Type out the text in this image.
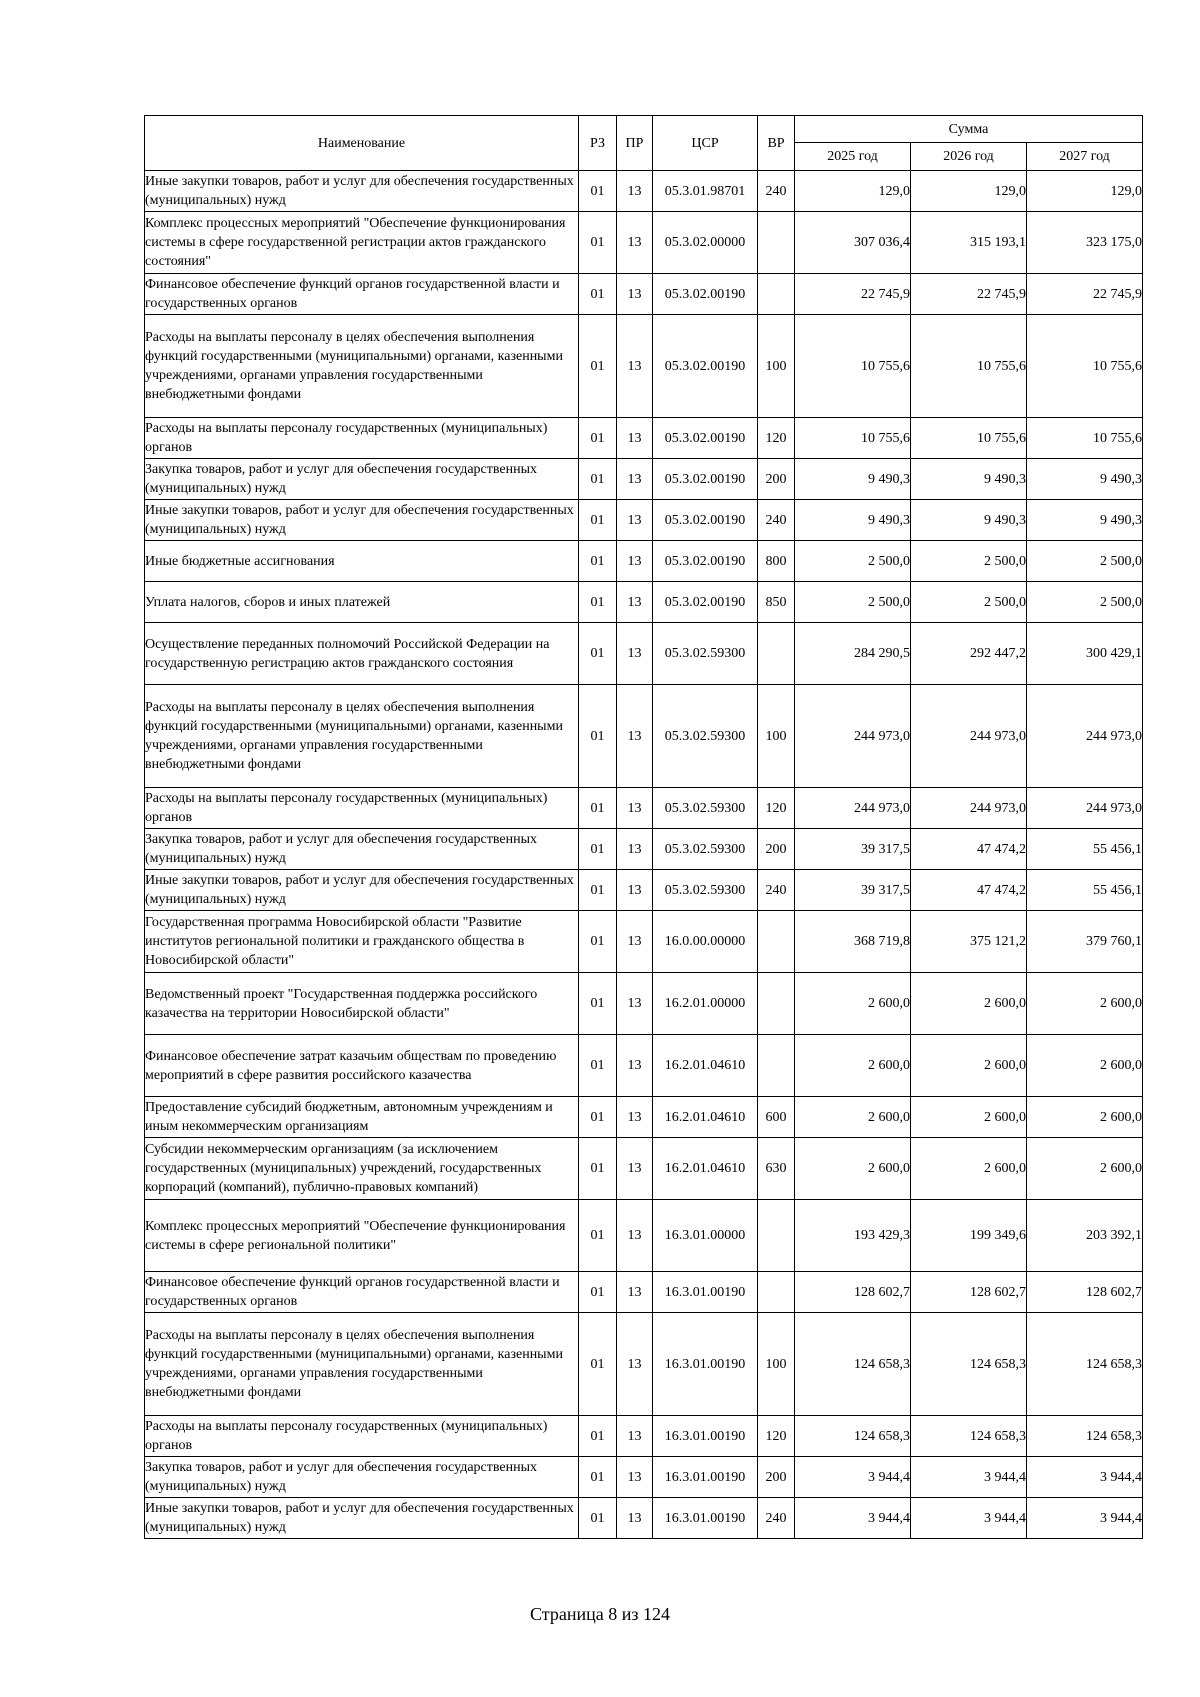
Наименование	РЗ	ПР	ЦСР	ВР	Сумма		
					2025 год	2026 год	2027 год
Иные закупки товаров, работ и услуг для обеспечения государственных (муниципальных) нужд	01	13	05.3.01.98701	240	129,0	129,0	129,0
Комплекс процессных мероприятий "Обеспечение функционирования системы в сфере государственной регистрации актов гражданского состояния"	01	13	05.3.02.00000		307 036,4	315 193,1	323 175,0
Финансовое обеспечение функций органов государственной власти и государственных органов	01	13	05.3.02.00190		22 745,9	22 745,9	22 745,9
Расходы на выплаты персоналу в целях обеспечения выполнения функций государственными (муниципальными) органами, казенными учреждениями, органами управления государственными внебюджетными фондами	01	13	05.3.02.00190	100	10 755,6	10 755,6	10 755,6
Расходы на выплаты персоналу государственных (муниципальных) органов	01	13	05.3.02.00190	120	10 755,6	10 755,6	10 755,6
Закупка товаров, работ и услуг для обеспечения государственных (муниципальных) нужд	01	13	05.3.02.00190	200	9 490,3	9 490,3	9 490,3
Иные закупки товаров, работ и услуг для обеспечения государственных (муниципальных) нужд	01	13	05.3.02.00190	240	9 490,3	9 490,3	9 490,3
Иные бюджетные ассигнования	01	13	05.3.02.00190	800	2 500,0	2 500,0	2 500,0
Уплата налогов, сборов и иных платежей	01	13	05.3.02.00190	850	2 500,0	2 500,0	2 500,0
Осуществление переданных полномочий Российской Федерации на государственную регистрацию актов гражданского состояния	01	13	05.3.02.59300		284 290,5	292 447,2	300 429,1
Расходы на выплаты персоналу в целях обеспечения выполнения функций государственными (муниципальными) органами, казенными учреждениями, органами управления государственными внебюджетными фондами	01	13	05.3.02.59300	100	244 973,0	244 973,0	244 973,0
Расходы на выплаты персоналу государственных (муниципальных) органов	01	13	05.3.02.59300	120	244 973,0	244 973,0	244 973,0
Закупка товаров, работ и услуг для обеспечения государственных (муниципальных) нужд	01	13	05.3.02.59300	200	39 317,5	47 474,2	55 456,1
Иные закупки товаров, работ и услуг для обеспечения государственных (муниципальных) нужд	01	13	05.3.02.59300	240	39 317,5	47 474,2	55 456,1
Государственная программа Новосибирской области "Развитие институтов региональной политики и гражданского общества в Новосибирской области"	01	13	16.0.00.00000		368 719,8	375 121,2	379 760,1
Ведомственный проект "Государственная поддержка российского казачества на территории Новосибирской области"	01	13	16.2.01.00000		2 600,0	2 600,0	2 600,0
Финансовое обеспечение затрат казачьим обществам по проведению мероприятий в сфере развития российского казачества	01	13	16.2.01.04610		2 600,0	2 600,0	2 600,0
Предоставление субсидий бюджетным, автономным учреждениям и иным некоммерческим организациям	01	13	16.2.01.04610	600	2 600,0	2 600,0	2 600,0
Субсидии некоммерческим организациям (за исключением государственных (муниципальных) учреждений, государственных корпораций (компаний), публично-правовых компаний)	01	13	16.2.01.04610	630	2 600,0	2 600,0	2 600,0
Комплекс процессных мероприятий "Обеспечение функционирования системы в сфере региональной политики"	01	13	16.3.01.00000		193 429,3	199 349,6	203 392,1
Финансовое обеспечение функций органов государственной власти и государственных органов	01	13	16.3.01.00190		128 602,7	128 602,7	128 602,7
Расходы на выплаты персоналу в целях обеспечения выполнения функций государственными (муниципальными) органами, казенными учреждениями, органами управления государственными внебюджетными фондами	01	13	16.3.01.00190	100	124 658,3	124 658,3	124 658,3
Расходы на выплаты персоналу государственных (муниципальных) органов	01	13	16.3.01.00190	120	124 658,3	124 658,3	124 658,3
Закупка товаров, работ и услуг для обеспечения государственных (муниципальных) нужд	01	13	16.3.01.00190	200	3 944,4	3 944,4	3 944,4
Иные закупки товаров, работ и услуг для обеспечения государственных (муниципальных) нужд	01	13	16.3.01.00190	240	3 944,4	3 944,4	3 944,4
Страница 8 из 124
